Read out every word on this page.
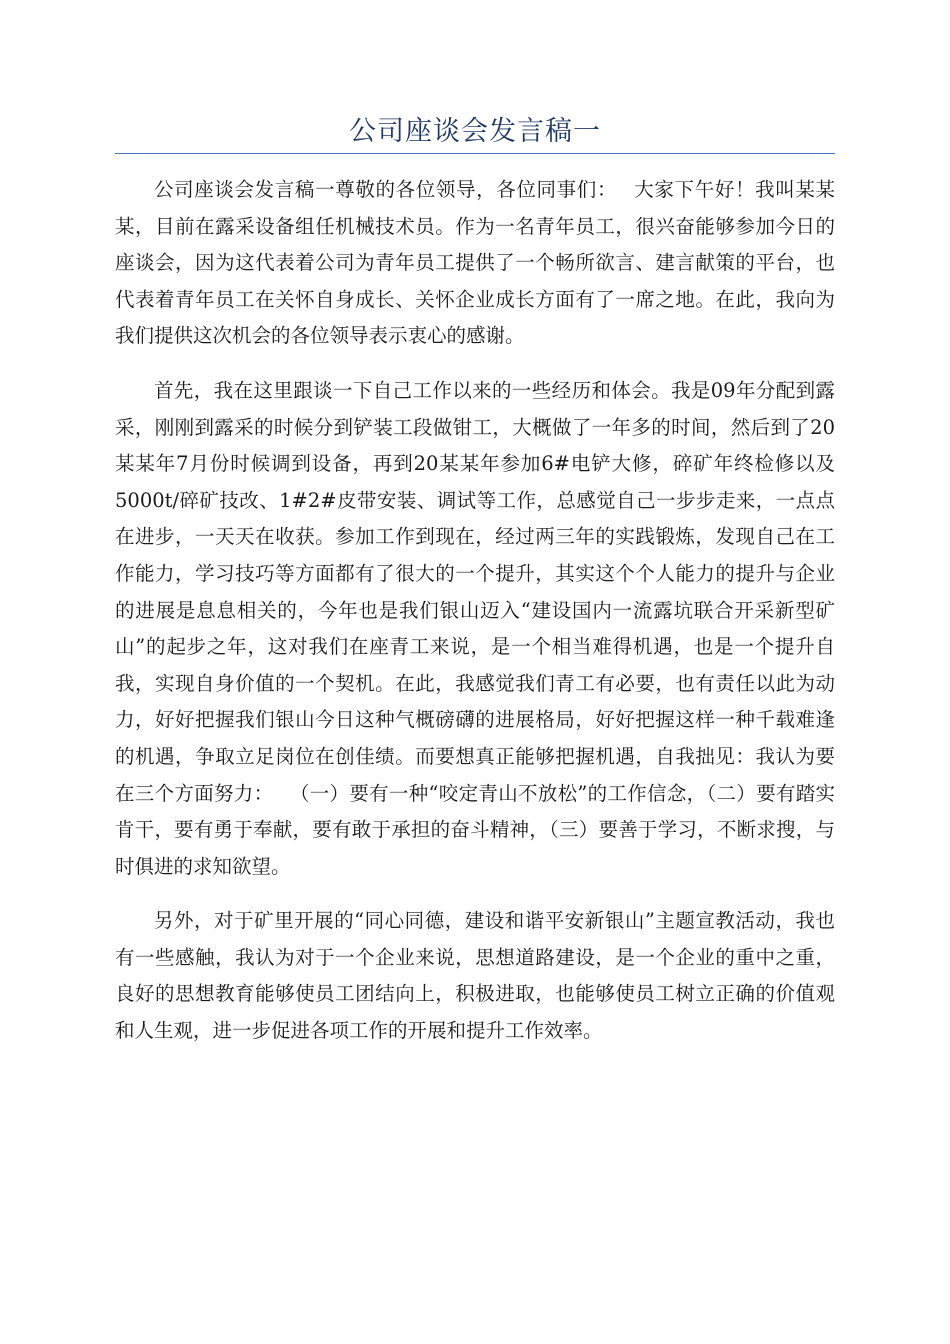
公司座谈会发言稿一

公司座谈会发言稿一尊敬的各位领导，各位同事们：　 大家下午好！我叫某某某，目前在露采设备组任机械技术员。作为一名青年员工，很兴奋能够参加今日的座谈会，因为这代表着公司为青年员工提供了一个畅所欲言、建言献策的平台，也代表着青年员工在关怀自身成长、关怀企业成长方面有了一席之地。在此，我向为我们提供这次机会的各位领导表示衷心的感谢。

首先，我在这里跟谈一下自己工作以来的一些经历和体会。我是09年分配到露采，刚刚到露采的时候分到铲装工段做钳工，大概做了一年多的时间，然后到了20某某年7月份时候调到设备，再到20某某年参加6#电铲大修，碎矿年终检修以及5000t/碎矿技改、1#2#皮带安装、调试等工作，总感觉自己一步步走来，一点点在进步，一天天在收获。参加工作到现在，经过两三年的实践锻炼，发现自己在工作能力，学习技巧等方面都有了很大的一个提升，其实这个个人能力的提升与企业的进展是息息相关的，今年也是我们银山迈入“建设国内一流露坑联合开采新型矿山”的起步之年，这对我们在座青工来说，是一个相当难得机遇，也是一个提升自我，实现自身价值的一个契机。在此，我感觉我们青工有必要，也有责任以此为动力，好好把握我们银山今日这种气概磅礴的进展格局，好好把握这样一种千载难逢的机遇，争取立足岗位在创佳绩。而要想真正能够把握机遇，自我拙见：我认为要在三个方面努力：　 （一）要有一种“咬定青山不放松”的工作信念，（二）要有踏实肯干，要有勇于奉献，要有敢于承担的奋斗精神，（三）要善于学习，不断求搜，与时俱进的求知欲望。

另外，对于矿里开展的“同心同德，建设和谐平安新银山”主题宣教活动，我也有一些感触，我认为对于一个企业来说，思想道路建设，是一个企业的重中之重，良好的思想教育能够使员工团结向上，积极进取，也能够使员工树立正确的价值观和人生观，进一步促进各项工作的开展和提升工作效率。
